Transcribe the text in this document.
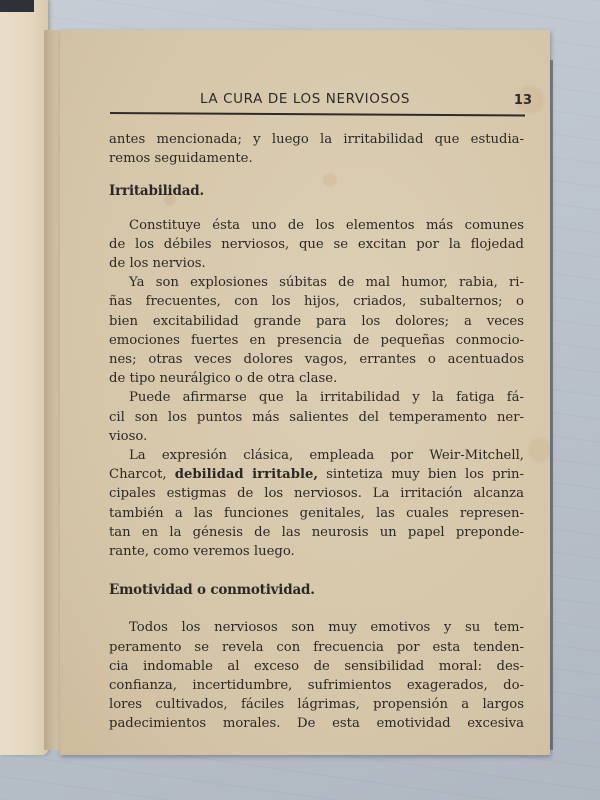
LA CURA DE LOS NERVIOSOS	13

antes mencionada; y luego la irritabilidad que estudia-
remos seguidamente.

Irritabilidad.

Constituye ésta uno de los elementos más comunes
de los débiles nerviosos, que se excitan por la flojedad
de los nervios.

Ya son explosiones súbitas de mal humor, rabia, ri-
ñas frecuentes, con los hijos, criados, subalternos; o
bien excitabilidad grande para los dolores; a veces
emociones fuertes en presencia de pequeñas conmocio-
nes; otras veces dolores vagos, errantes o acentuados
de tipo neurálgico o de otra clase.

Puede afirmarse que la irritabilidad y la fatiga fá-
cil son los puntos más salientes del temperamento ner-
vioso.

La expresión clásica, empleada por Weir-Mitchell,
Charcot, debilidad irritable, sintetiza muy bien los prin-
cipales estigmas de los nerviosos. La irritación alcanza
también a las funciones genitales, las cuales represen-
tan en la génesis de las neurosis un papel preponde-
rante, como veremos luego.

Emotividad o conmotividad.

Todos los nerviosos son muy emotivos y su tem-
peramento se revela con frecuencia por esta tenden-
cia indomable al exceso de sensibilidad moral: des-
confianza, incertidumbre, sufrimientos exagerados, do-
lores cultivados, fáciles lágrimas, propensión a largos
padecimientos morales. De esta emotividad excesiva
